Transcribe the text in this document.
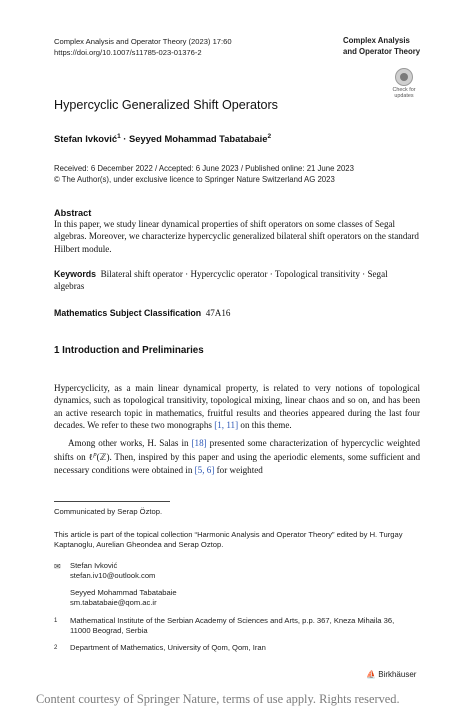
Complex Analysis and Operator Theory (2023) 17:60
https://doi.org/10.1007/s11785-023-01376-2
Complex Analysis
and Operator Theory
Check for
updates
Hypercyclic Generalized Shift Operators
Stefan Ivković$^1$ · Seyyed Mohammad Tabatabaie$^2$
Received: 6 December 2022 / Accepted: 6 June 2023 / Published online: 21 June 2023
© The Author(s), under exclusive licence to Springer Nature Switzerland AG 2023
Abstract
In this paper, we study linear dynamical properties of shift operators on some classes of Segal algebras. Moreover, we characterize hypercyclic generalized bilateral shift operators on the standard Hilbert module.
Keywords Bilateral shift operator · Hypercyclic operator · Topological transitivity · Segal algebras
Mathematics Subject Classification 47A16
1 Introduction and Preliminaries
Hypercyclicity, as a main linear dynamical property, is related to very notions of topological dynamics, such as topological transitivity, topological mixing, linear chaos and so on, and has been an active research topic in mathematics, fruitful results and theories appeared during the last four decades. We refer to these two monographs [1, 11] on this theme.
Among other works, H. Salas in [18] presented some characterization of hypercyclic weighted shifts on ℓ$^p$(ℤ). Then, inspired by this paper and using the aperiodic elements, some sufficient and necessary conditions were obtained in [5, 6] for weighted
Communicated by Serap Öztop.
This article is part of the topical collection “Harmonic Analysis and Operator Theory” edited by H. Turgay Kaptanoglu, Aurelian Gheondea and Serap Oztop.
✉ Stefan Ivković
stefan.iv10@outlook.com
Seyyed Mohammad Tabatabaie
sm.tabatabaie@qom.ac.ir
1 Mathematical Institute of the Serbian Academy of Sciences and Arts, p.p. 367, Kneza Mihaila 36, 11000 Beograd, Serbia
2 Department of Mathematics, University of Qom, Qom, Iran
⛵ Birkhäuser
Content courtesy of Springer Nature, terms of use apply. Rights reserved.
